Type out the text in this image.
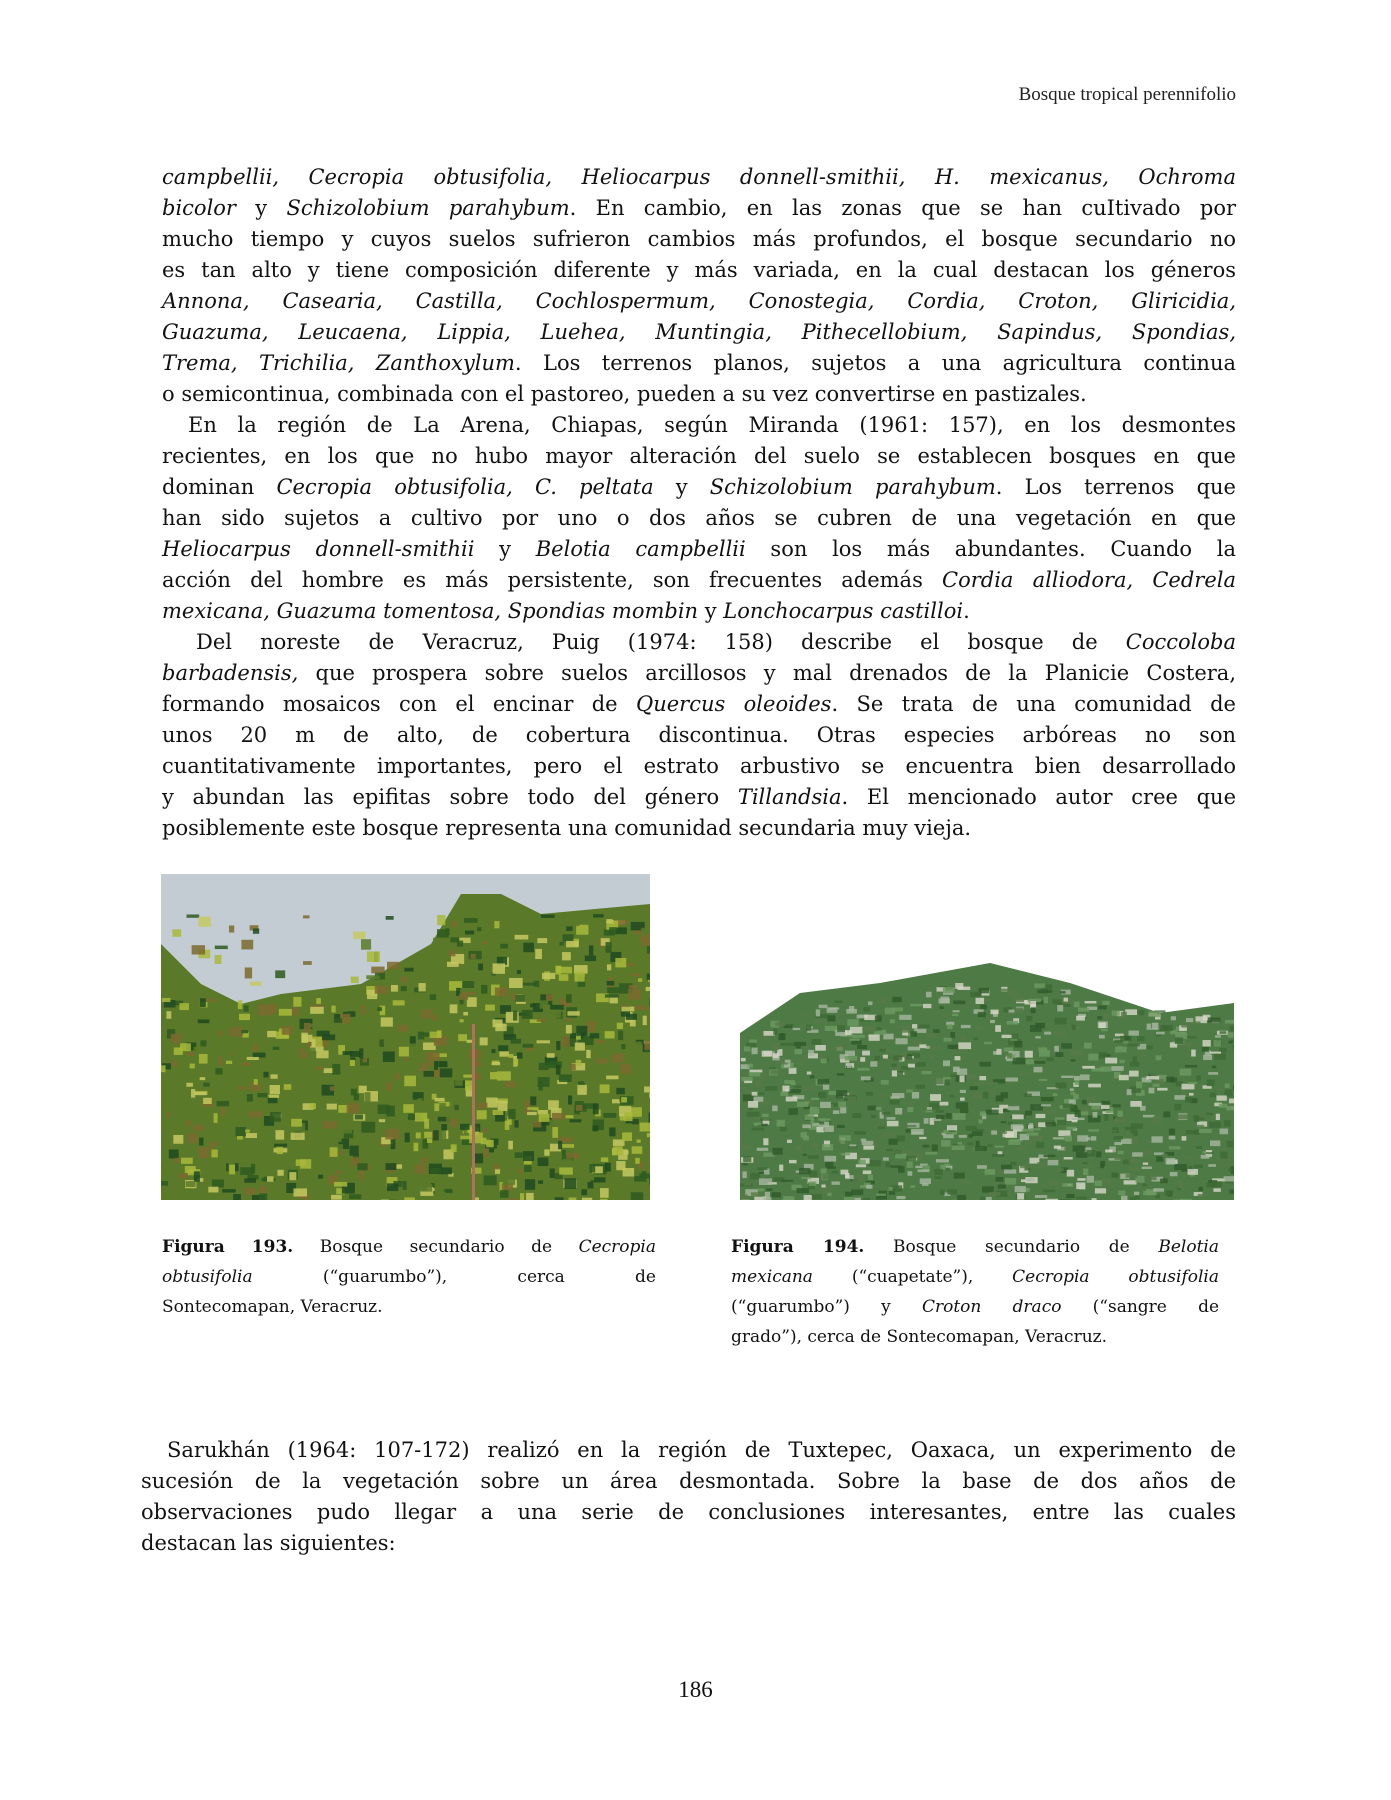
Bosque tropical perennifolio
campbellii, Cecropia obtusifolia, Heliocarpus donnell-smithii, H. mexicanus, Ochroma
bicolor y Schizolobium parahybum. En cambio, en las zonas que se han cuItivado por
mucho tiempo y cuyos suelos sufrieron cambios más profundos, el bosque secundario no
es tan alto y tiene composición diferente y más variada, en la cual destacan los géneros
Annona, Casearia, Castilla, Cochlospermum, Conostegia, Cordia, Croton, Gliricidia,
Guazuma, Leucaena, Lippia, Luehea, Muntingia, Pithecellobium, Sapindus, Spondias,
Trema, Trichilia, Zanthoxylum. Los terrenos planos, sujetos a una agricultura continua
o semicontinua, combinada con el pastoreo, pueden a su vez convertirse en pastizales.
En la región de La Arena, Chiapas, según Miranda (1961: 157), en los desmontes
recientes, en los que no hubo mayor alteración del suelo se establecen bosques en que
dominan Cecropia obtusifolia, C. peltata y Schizolobium parahybum. Los terrenos que
han sido sujetos a cultivo por uno o dos años se cubren de una vegetación en que
Heliocarpus donnell-smithii y Belotia campbellii son los más abundantes. Cuando la
acción del hombre es más persistente, son frecuentes además Cordia alliodora, Cedrela
mexicana, Guazuma tomentosa, Spondias mombin y Lonchocarpus castilloi.
Del noreste de Veracruz, Puig (1974: 158) describe el bosque de Coccoloba
barbadensis, que prospera sobre suelos arcillosos y mal drenados de la Planicie Costera,
formando mosaicos con el encinar de Quercus oleoides. Se trata de una comunidad de
unos 20 m de alto, de cobertura discontinua. Otras especies arbóreas no son
cuantitativamente importantes, pero el estrato arbustivo se encuentra bien desarrollado
y abundan las epifitas sobre todo del género Tillandsia. El mencionado autor cree que
posiblemente este bosque representa una comunidad secundaria muy vieja.
Figura 193. Bosque secundario de Cecropia
obtusifolia (“guarumbo”), cerca de
Sontecomapan, Veracruz.
Figura 194. Bosque secundario de Belotia
mexicana (“cuapetate”), Cecropia obtusifolia
(“guarumbo”) y Croton draco (“sangre de
grado”), cerca de Sontecomapan, Veracruz.
Sarukhán (1964: 107-172) realizó en la región de Tuxtepec, Oaxaca, un experimento de
sucesión de la vegetación sobre un área desmontada. Sobre la base de dos años de
observaciones pudo llegar a una serie de conclusiones interesantes, entre las cuales
destacan las siguientes:
186
